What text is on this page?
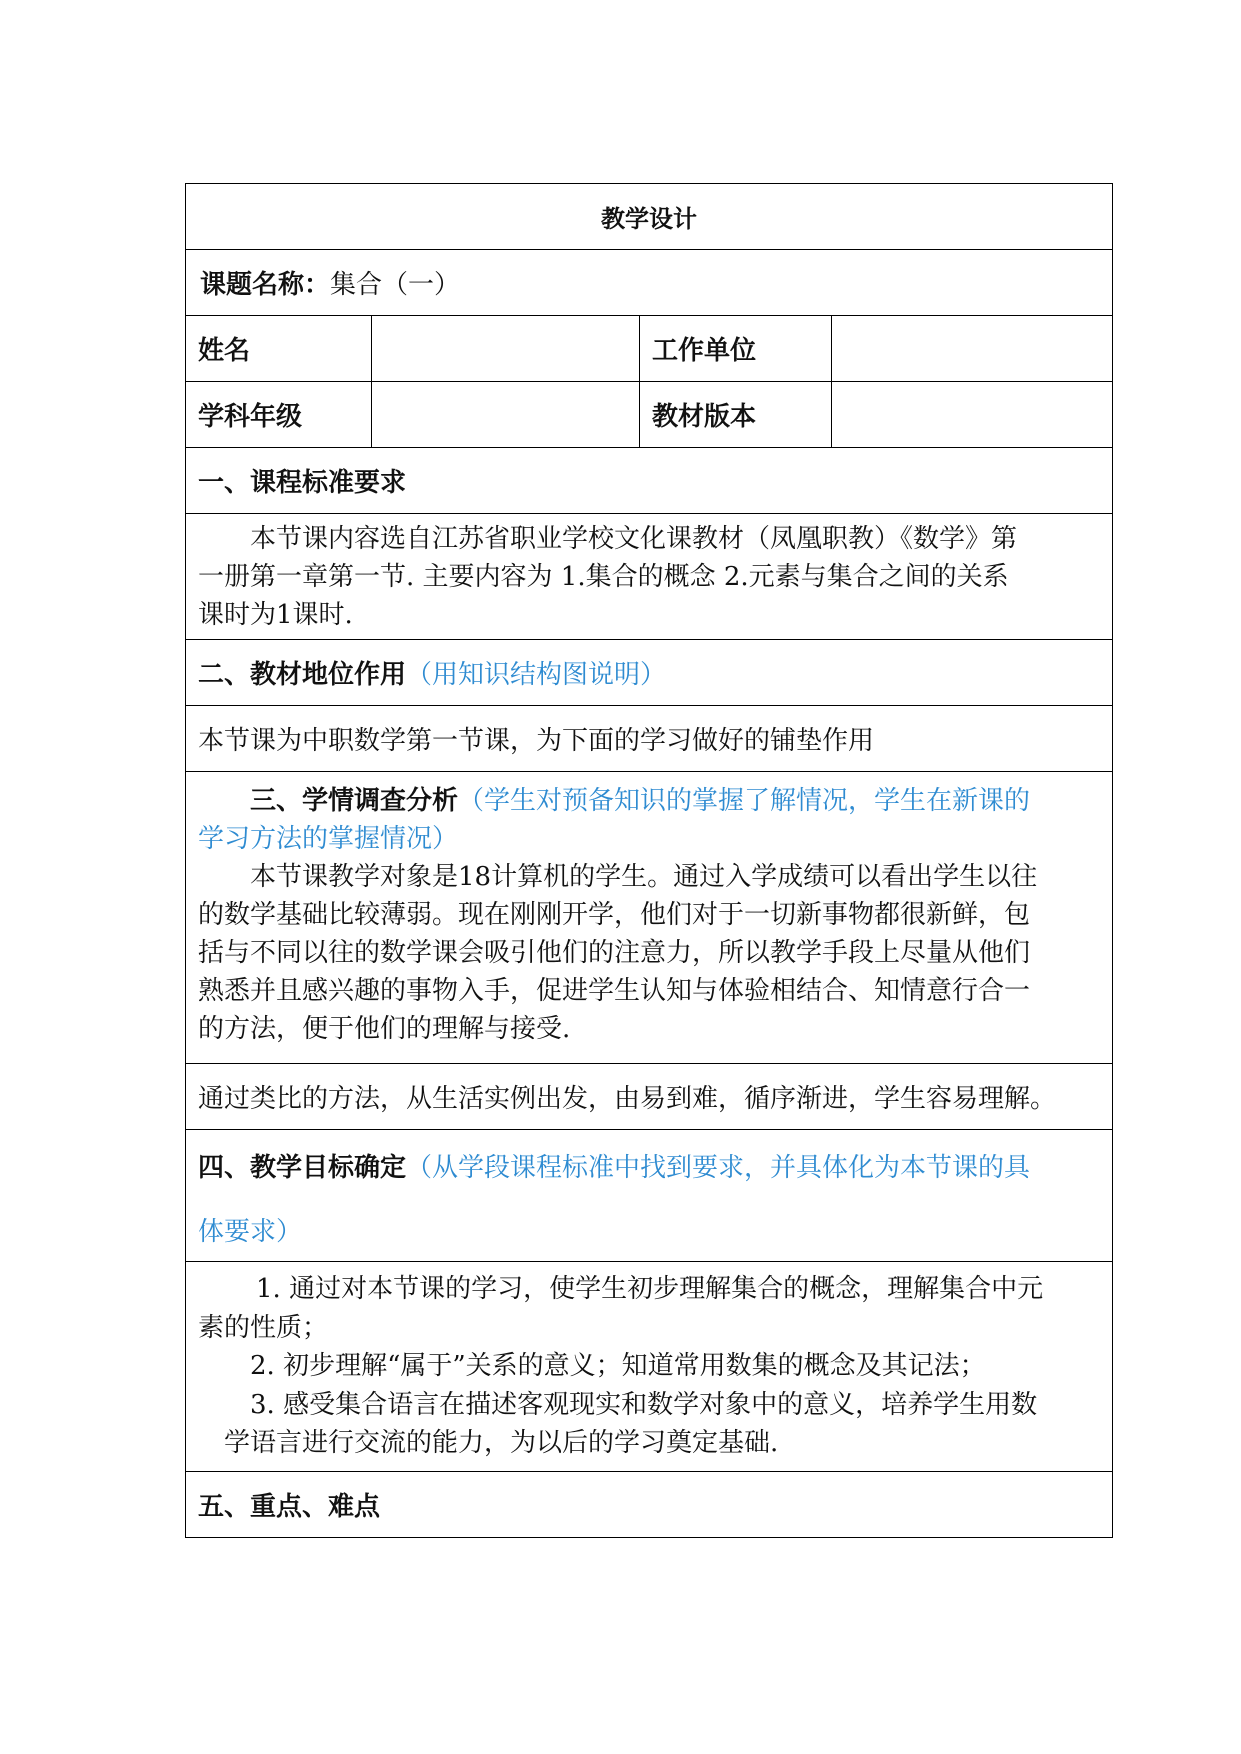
教学设计
课题名称： 集合（一）
姓名	工作单位
学科年级	教材版本
一、课程标准要求
本节课内容选自江苏省职业学校文化课教材（凤凰职教）《数学》第
一册第一章第一节. 主要内容为 1.集合的概念 2.元素与集合之间的关系
课时为1课时.
二、教材地位作用 （用知识结构图说明）
本节课为中职数学第一节课，为下面的学习做好的铺垫作用
三、学情调查分析（学生对预备知识的掌握了解情况，学生在新课的
学习方法的掌握情况）
本节课教学对象是18计算机的学生。通过入学成绩可以看出学生以往
的数学基础比较薄弱。现在刚刚开学，他们对于一切新事物都很新鲜，包
括与不同以往的数学课会吸引他们的注意力，所以教学手段上尽量从他们
熟悉并且感兴趣的事物入手，促进学生认知与体验相结合、知情意行合一
的方法，便于他们的理解与接受.
通过类比的方法，从生活实例出发，由易到难，循序渐进，学生容易理解。
四、教学目标确定（从学段课程标准中找到要求，并具体化为本节课的具
体要求）
1. 通过对本节课的学习，使学生初步理解集合的概念，理解集合中元
素的性质；
2. 初步理解“属于”关系的意义；知道常用数集的概念及其记法；
3. 感受集合语言在描述客观现实和数学对象中的意义，培养学生用数
学语言进行交流的能力，为以后的学习奠定基础.
五、重点、难点
